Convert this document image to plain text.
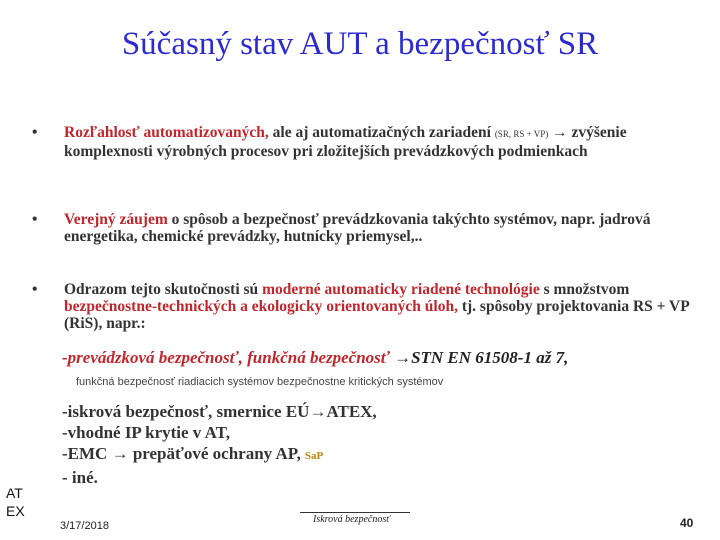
Súčasný stav AUT a bezpečnosť SR
• Rozľahlosť automatizovaných, ale aj automatizačných zariadení (SR, RS + VP) → zvýšenie komplexnosti výrobných procesov pri zložitejších prevádzkových podmienkach
• Verejný záujem o spôsob a bezpečnosť prevádzkovania takýchto systémov, napr. jadrová energetika, chemické prevádzky, hutnícky priemysel,..
• Odrazom tejto skutočnosti sú moderné automaticky riadené technológie s množstvom bezpečnostne-technických a ekologicky orientovaných úloh, tj. spôsoby projektovania RS + VP (RiS), napr.:
-prevádzková bezpečnosť, funkčná bezpečnosť →STN EN 61508-1 až 7,
funkčná bezpečnosť riadiacich systémov bezpečnostne kritických systémov
-iskrová bezpečnosť, smernice EÚ→ATEX,
-vhodné IP krytie v AT,
-EMC → prepäťové ochrany AP, SaP
- iné.
AT
EX
3/17/2018
Iskrová bezpečnosť	40
